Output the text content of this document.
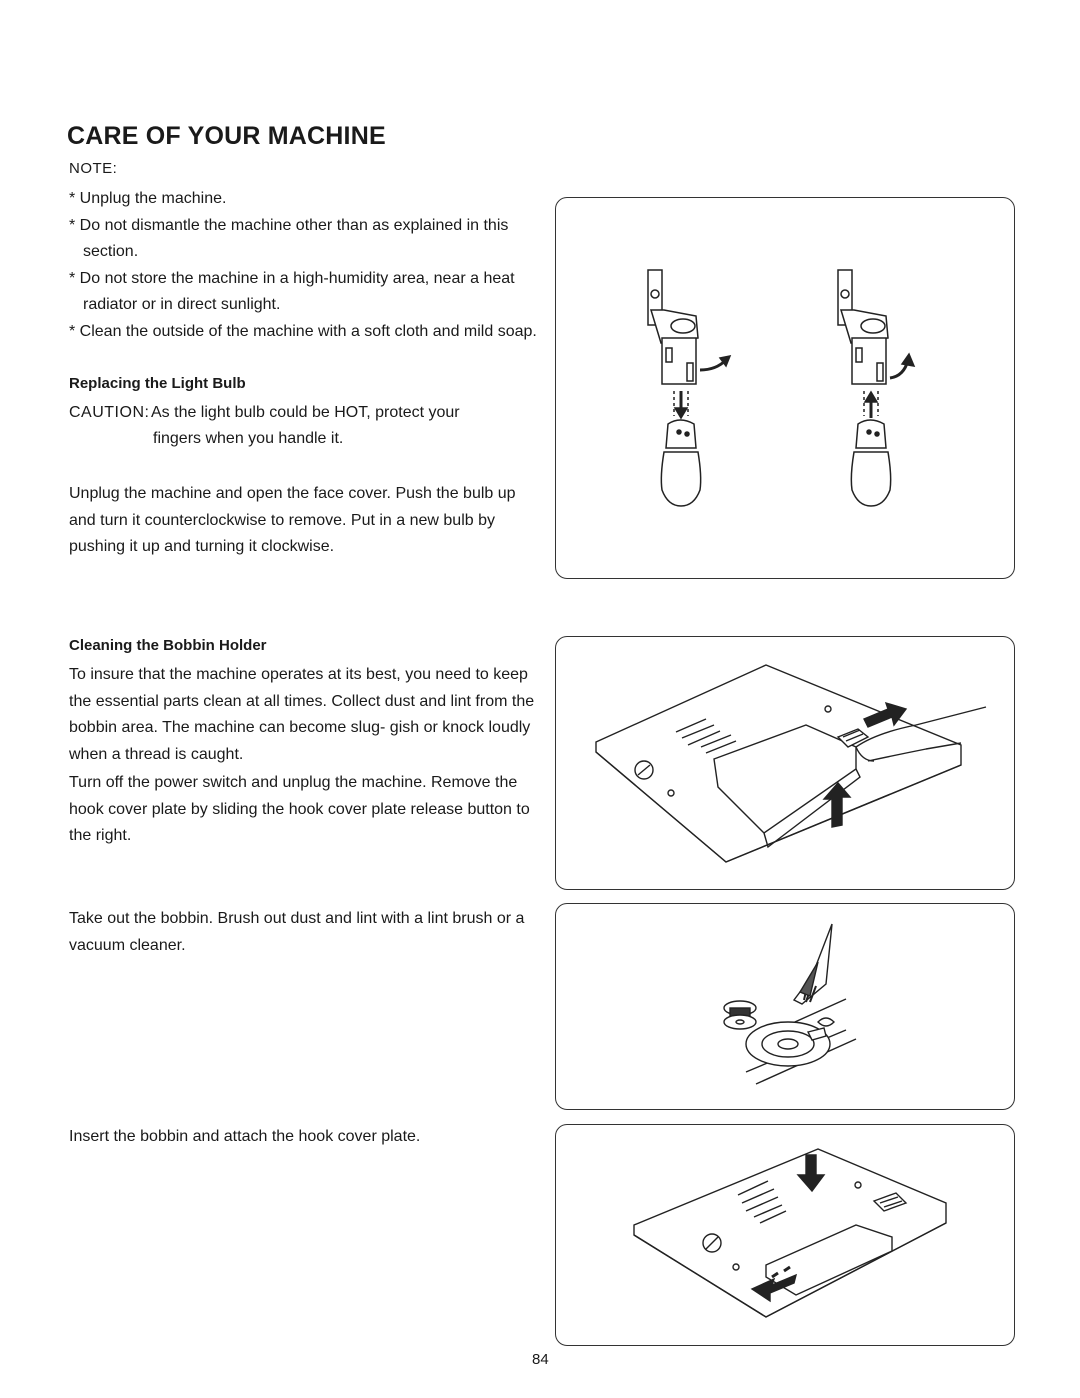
CARE OF YOUR MACHINE
NOTE:
* Unplug the machine.
* Do not dismantle the machine other than as explained in this section.
* Do not store the machine in a high-humidity area, near a heat radiator or in direct sunlight.
* Clean the outside of the machine with a soft cloth and mild soap.
Replacing the Light Bulb
CAUTION:As the light bulb could be HOT, protect your
fingers when you handle it.

Unplug the machine and open the face cover. Push the bulb up and turn it counterclockwise to remove. Put in a new bulb by pushing it up and turning it clockwise.

Cleaning the Bobbin Holder

To insure that the machine operates at its best, you need to keep the essential parts clean at all times. Collect dust and lint from the bobbin area. The machine can become slug- gish or knock loudly when a thread is caught.

Turn off the power switch and unplug the machine. Remove the hook cover plate by sliding the hook cover plate release button to the right.

Take out the bobbin. Brush out dust and lint with a lint brush or a vacuum cleaner.

Insert the bobbin and attach the hook cover plate.

84
